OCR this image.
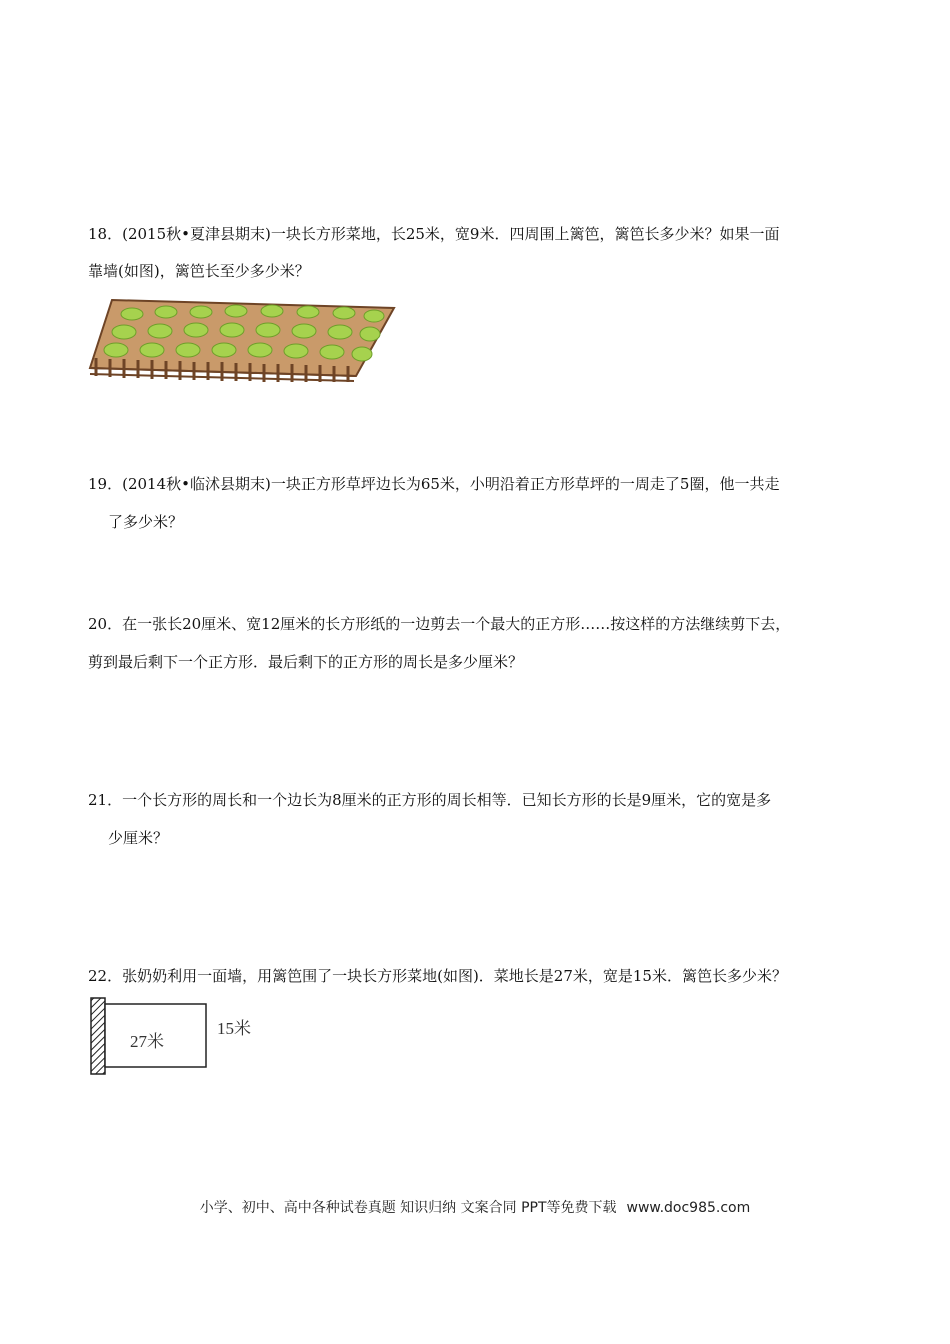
18．(2015秋•夏津县期末)一块长方形菜地，长25米，宽9米．四周围上篱笆，篱笆长多少米？如果一面
靠墙(如图)，篱笆长至少多少米？
19．(2014秋•临沭县期末)一块正方形草坪边长为65米，小明沿着正方形草坪的一周走了5圈，他一共走
了多少米？
20．在一张长20厘米、宽12厘米的长方形纸的一边剪去一个最大的正方形……按这样的方法继续剪下去，
剪到最后剩下一个正方形．最后剩下的正方形的周长是多少厘米？
21．一个长方形的周长和一个边长为8厘米的正方形的周长相等．已知长方形的长是9厘米，它的宽是多
少厘米？
22．张奶奶利用一面墙，用篱笆围了一块长方形菜地(如图)．菜地长是27米，宽是15米．篱笆长多少米？
27米
15米
小学、初中、高中各种试卷真题 知识归纳 文案合同 PPT等免费下载 www.doc985.com
